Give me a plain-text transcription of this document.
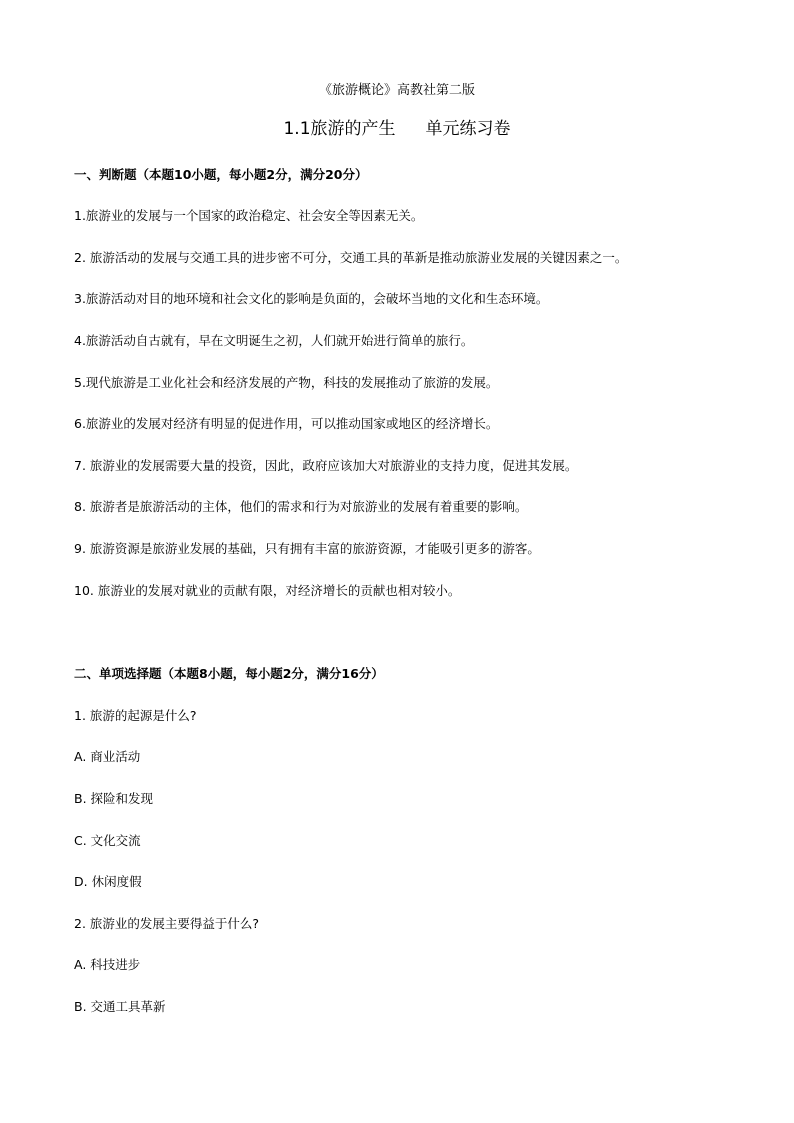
《旅游概论》高教社第二版
1.1旅游的产生 单元练习卷
一、判断题（本题10小题，每小题2分，满分20分）
1.旅游业的发展与一个国家的政治稳定、社会安全等因素无关。
2. 旅游活动的发展与交通工具的进步密不可分，交通工具的革新是推动旅游业发展的关键因素之一。
3.旅游活动对目的地环境和社会文化的影响是负面的，会破坏当地的文化和生态环境。
4.旅游活动自古就有，早在文明诞生之初，人们就开始进行简单的旅行。
5.现代旅游是工业化社会和经济发展的产物，科技的发展推动了旅游的发展。
6.旅游业的发展对经济有明显的促进作用，可以推动国家或地区的经济增长。
7. 旅游业的发展需要大量的投资，因此，政府应该加大对旅游业的支持力度，促进其发展。
8. 旅游者是旅游活动的主体，他们的需求和行为对旅游业的发展有着重要的影响。
9. 旅游资源是旅游业发展的基础，只有拥有丰富的旅游资源，才能吸引更多的游客。
10. 旅游业的发展对就业的贡献有限，对经济增长的贡献也相对较小。
二、单项选择题（本题8小题，每小题2分，满分16分）
1. 旅游的起源是什么?
A. 商业活动
B. 探险和发现
C. 文化交流
D. 休闲度假
2. 旅游业的发展主要得益于什么?
A. 科技进步
B. 交通工具革新
